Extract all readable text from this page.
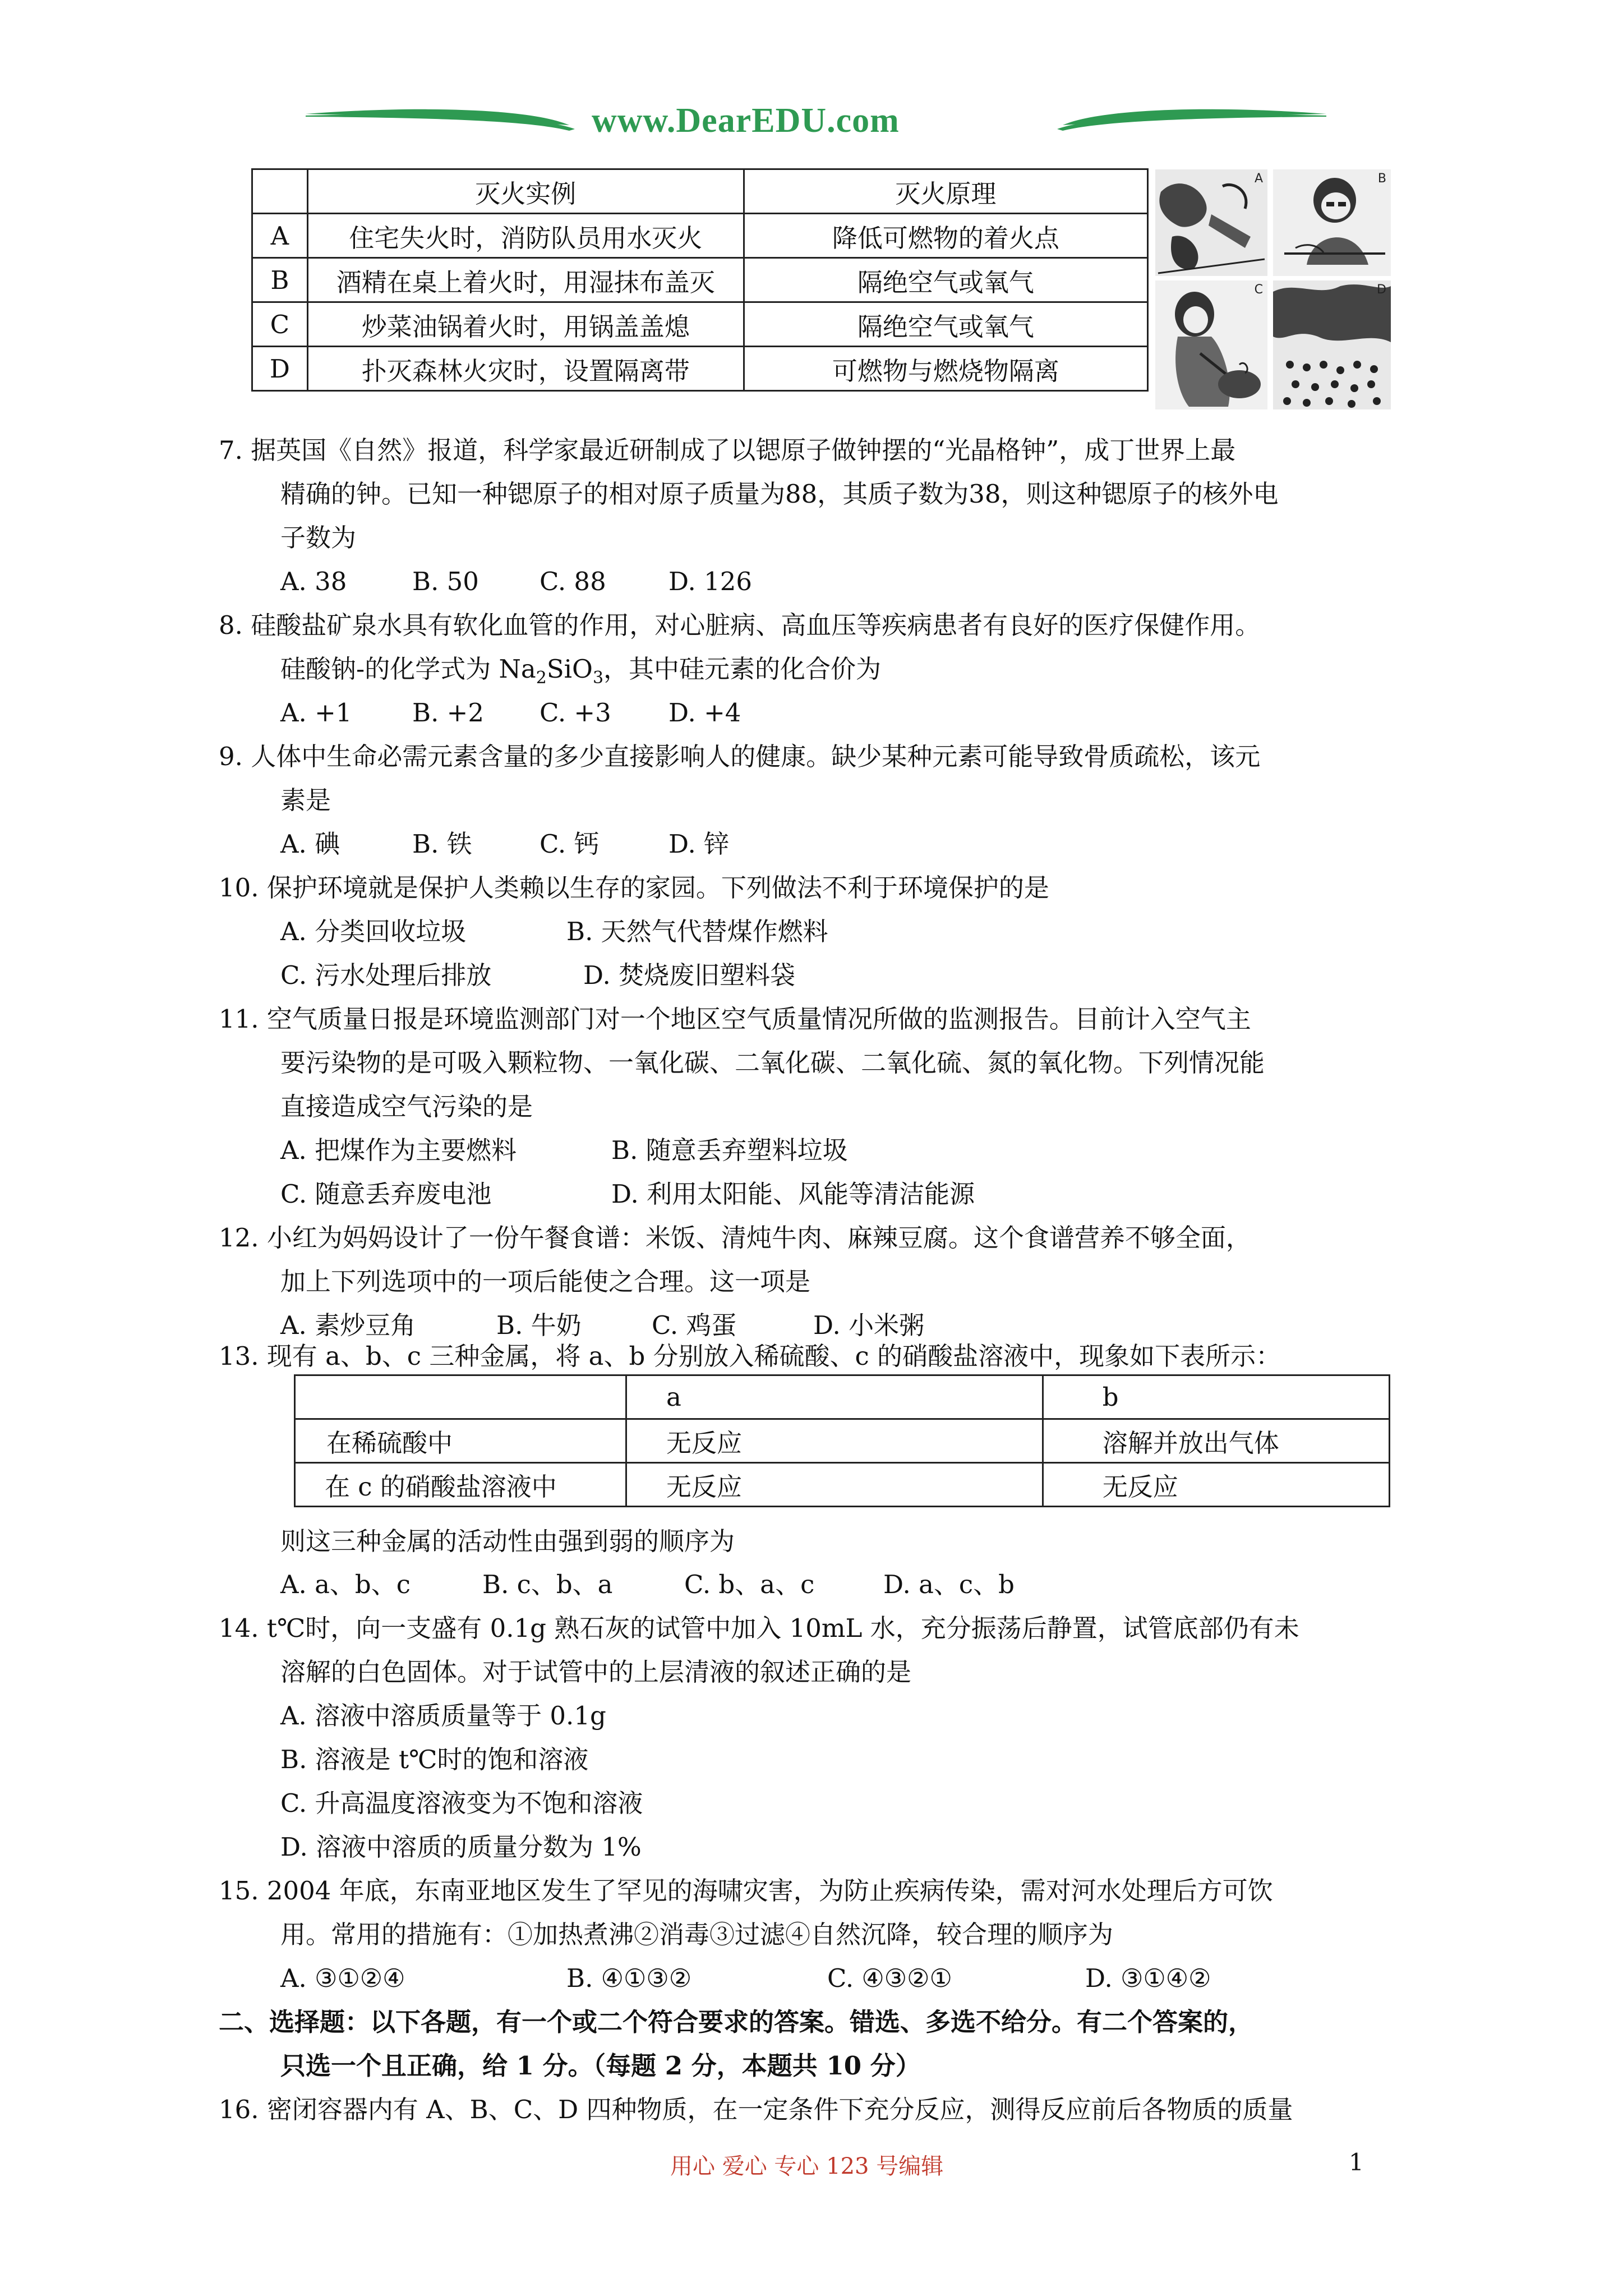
www.DearEDU.com
	灭火实例	灭火原理
A	住宅失火时，消防队员用水灭火	降低可燃物的着火点
B	酒精在桌上着火时，用湿抹布盖灭	隔绝空气或氧气
C	炒菜油锅着火时，用锅盖盖熄	隔绝空气或氧气
D	扑灭森林火灾时，设置隔离带	可燃物与燃烧物隔离
A	B
C	D
7. 据英国《自然》报道，科学家最近研制成了以锶原子做钟摆的“光晶格钟”，成丁世界上最
精确的钟。已知一种锶原子的相对原子质量为88，其质子数为38，则这种锶原子的核外电
子数为
A. 38	B. 50 C. 88 D. 126
8. 硅酸盐矿泉水具有软化血管的作用，对心脏病、高血压等疾病患者有良好的医疗保健作用。
硅酸钠-的化学式为 $Na_2SiO_3$，其中硅元素的化合价为
A. +1 B. +2 C. +3 D. +4
9. 人体中生命必需元素含量的多少直接影响人的健康。缺少某种元素可能导致骨质疏松，该元
素是
A. 碘	B. 铁	C. 钙	D. 锌
10. 保护环境就是保护人类赖以生存的家园。下列做法不利于环境保护的是
A. 分类回收垃圾	B. 天然气代替煤作燃料
C. 污水处理后排放	D. 焚烧废旧塑料袋
11. 空气质量日报是环境监测部门对一个地区空气质量情况所做的监测报告。目前计入空气主
要污染物的是可吸入颗粒物、一氧化碳、二氧化碳、二氧化硫、氮的氧化物。下列情况能
直接造成空气污染的是
A. 把煤作为主要燃料	B. 随意丢弃塑料垃圾
C. 随意丢弃废电池	D. 利用太阳能、风能等清洁能源
12. 小红为妈妈设计了一份午餐食谱：米饭、清炖牛肉、麻辣豆腐。这个食谱营养不够全面，
加上下列选项中的一项后能使之合理。这一项是
A. 素炒豆角	B. 牛奶	C. 鸡蛋	D. 小米粥
13. 现有 a、b、c 三种金属，将 a、b 分别放入稀硫酸、c 的硝酸盐溶液中，现象如下表所示：
	a	b
在稀硫酸中	无反应	溶解并放出气体
在 c 的硝酸盐溶液中	无反应	无反应
则这三种金属的活动性由强到弱的顺序为
A. a、b、c	B. c、b、a	C. b、a、c	D. a、c、b
14. t℃时，向一支盛有 0.1g 熟石灰的试管中加入 10mL 水，充分振荡后静置，试管底部仍有未
溶解的白色固体。对于试管中的上层清液的叙述正确的是
A. 溶液中溶质质量等于 0.1g
B. 溶液是 t℃时的饱和溶液
C. 升高温度溶液变为不饱和溶液
D. 溶液中溶质的质量分数为 1%
15. 2004 年底，东南亚地区发生了罕见的海啸灾害，为防止疾病传染，需对河水处理后方可饮
用。常用的措施有：①加热煮沸②消毒③过滤④自然沉降，较合理的顺序为
A. ③①②④	B. ④①③②	C. ④③②①	D. ③①④②
二、选择题：以下各题，有一个或二个符合要求的答案。错选、多选不给分。有二个答案的，
只选一个且正确，给 1 分。（每题 2 分，本题共 10 分）
16. 密闭容器内有 A、B、C、D 四种物质，在一定条件下充分反应，测得反应前后各物质的质量
用心 爱心 专心 123 号编辑	1
